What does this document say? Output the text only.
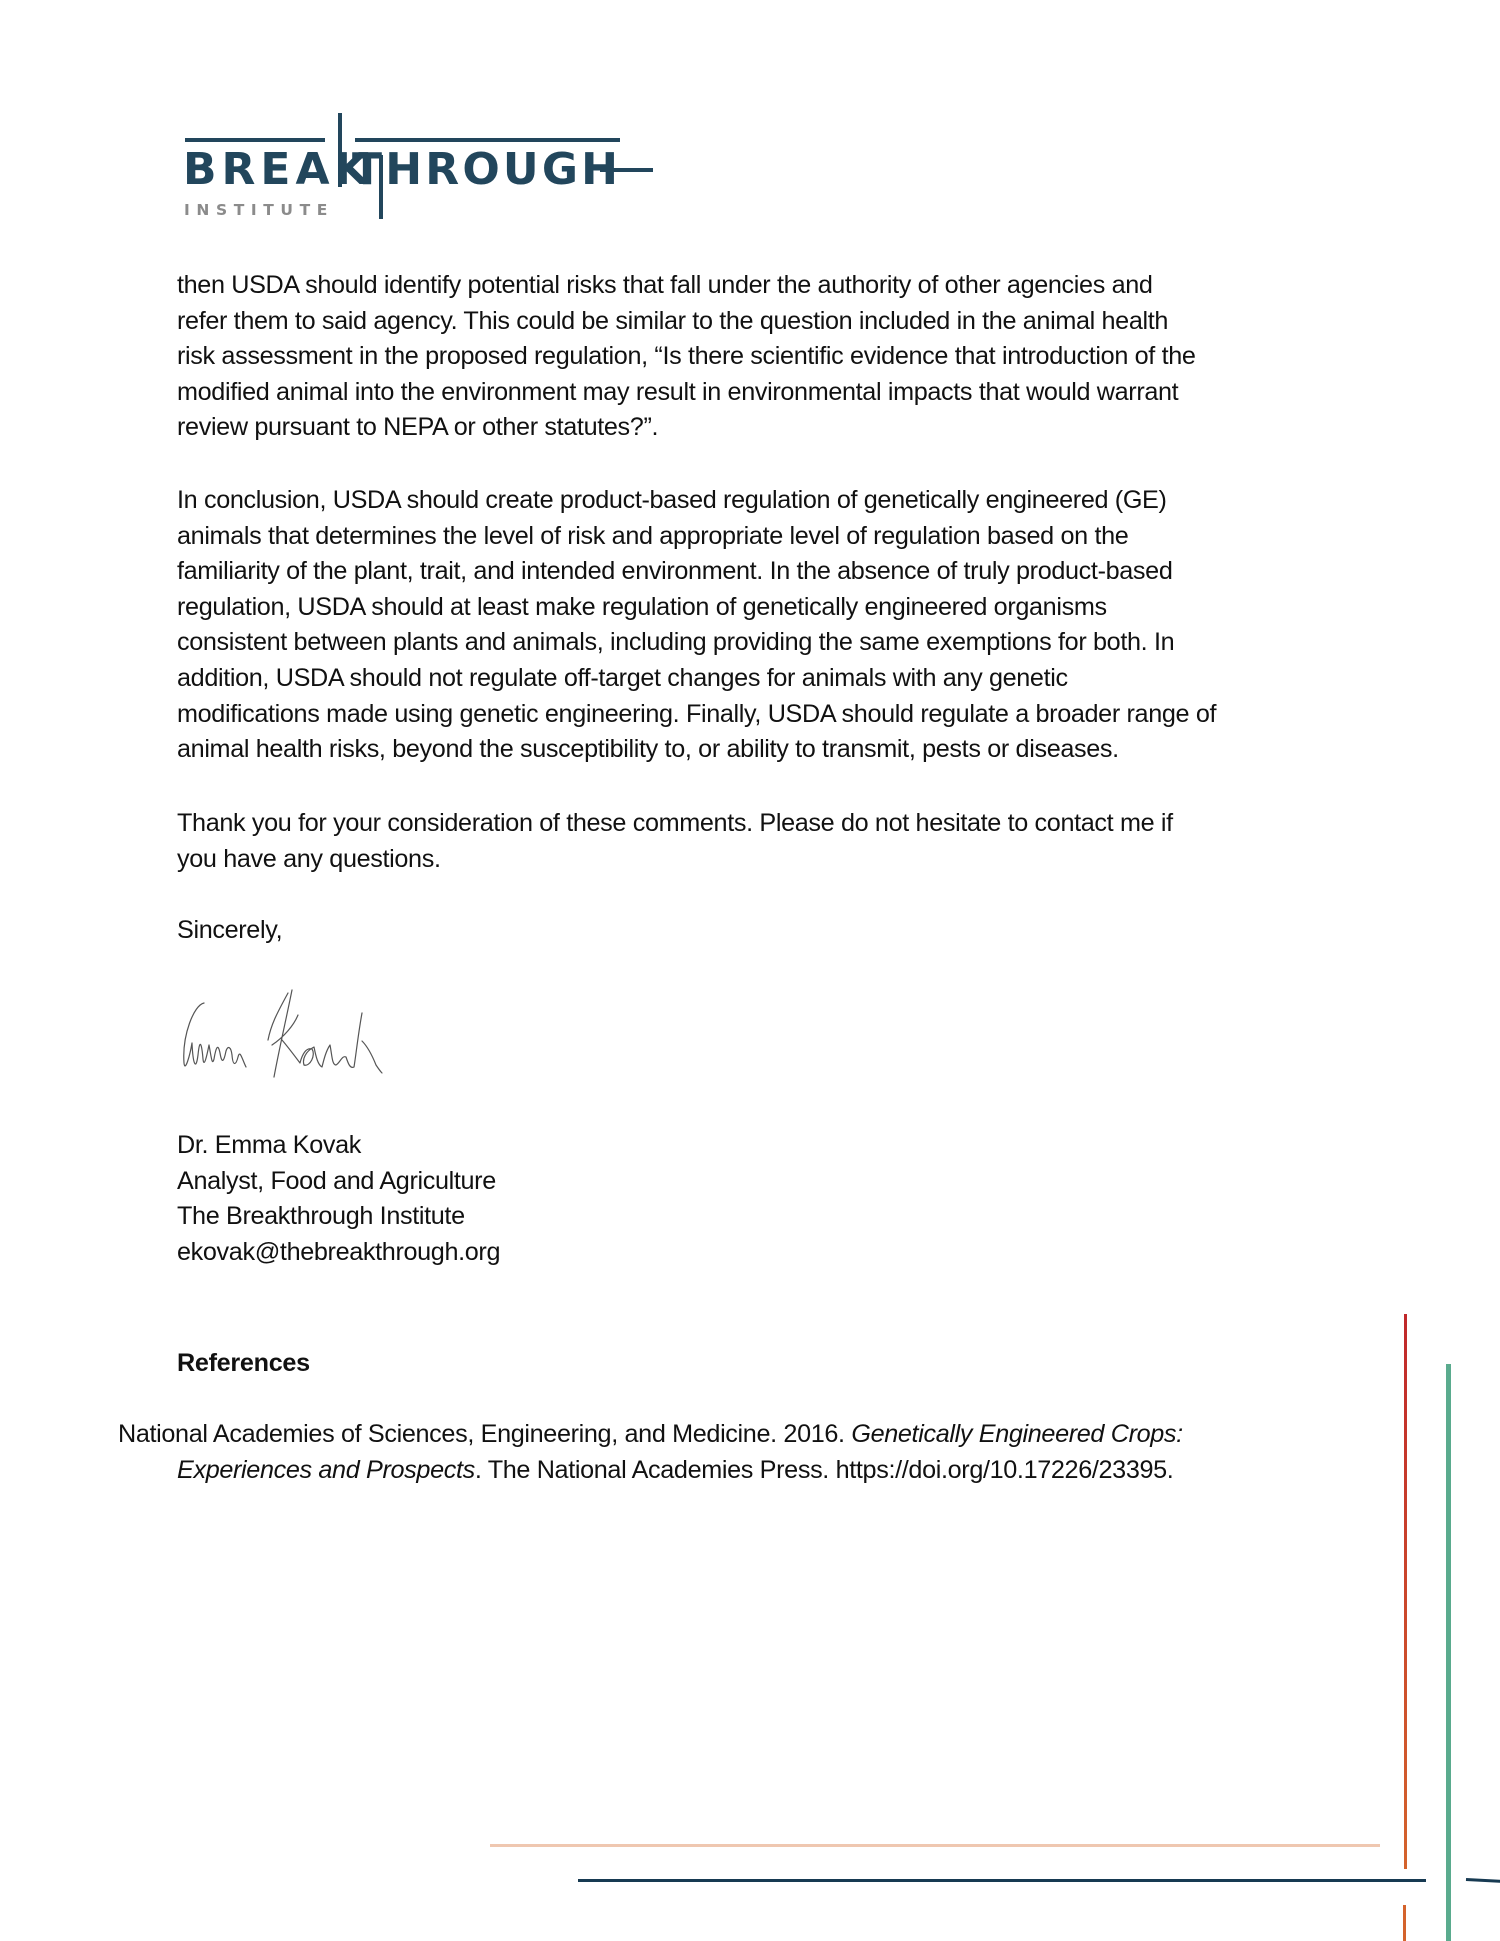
BREAK
THROUGH
INSTITUTE
then USDA should identify potential risks that fall under the authority of other agencies and
refer them to said agency. This could be similar to the question included in the animal health
risk assessment in the proposed regulation, “Is there scientific evidence that introduction of the
modified animal into the environment may result in environmental impacts that would warrant
review pursuant to NEPA or other statutes?”.
In conclusion, USDA should create product-based regulation of genetically engineered (GE)
animals that determines the level of risk and appropriate level of regulation based on the
familiarity of the plant, trait, and intended environment. In the absence of truly product-based
regulation, USDA should at least make regulation of genetically engineered organisms
consistent between plants and animals, including providing the same exemptions for both. In
addition, USDA should not regulate off-target changes for animals with any genetic
modifications made using genetic engineering. Finally, USDA should regulate a broader range of
animal health risks, beyond the susceptibility to, or ability to transmit, pests or diseases.
Thank you for your consideration of these comments. Please do not hesitate to contact me if
you have any questions.
Sincerely,
Dr. Emma Kovak
Analyst, Food and Agriculture
The Breakthrough Institute
ekovak@thebreakthrough.org
References
National Academies of Sciences, Engineering, and Medicine. 2016. Genetically Engineered Crops:
Experiences and Prospects. The National Academies Press. https://doi.org/10.17226/23395.
